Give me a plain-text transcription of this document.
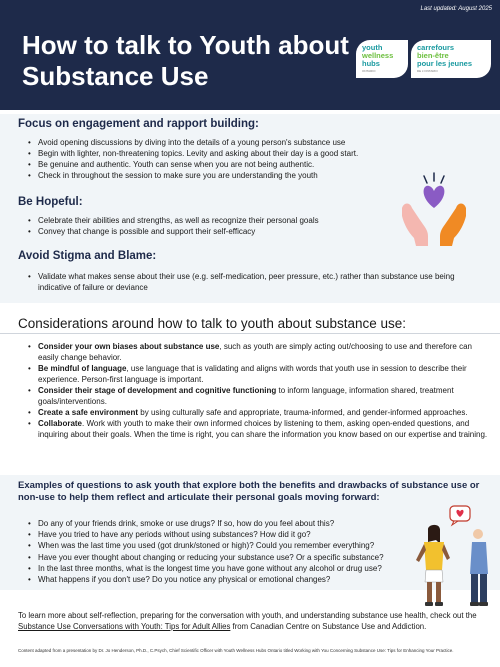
Last updated: August 2025
How to talk to Youth about Substance Use
youth
wellness
hubs
ONTARIO
carrefours
bien-être
pour les jeunes
DE L'ONTARIO
Focus on engagement and rapport building:
• Avoid opening discussions by diving into the details of a young person's substance use
• Begin with lighter, non-threatening topics. Levity and asking about their day is a good start.
• Be genuine and authentic. Youth can sense when you are not being authentic.
• Check in throughout the session to make sure you are understanding the youth
Be Hopeful:
• Celebrate their abilities and strengths, as well as recognize their personal goals
• Convey that change is possible and support their self-efficacy
Avoid Stigma and Blame:
• Validate what makes sense about their use (e.g. self-medication, peer pressure, etc.) rather than substance use being indicative of failure or deviance
Considerations around how to talk to youth about substance use:
• Consider your own biases about substance use, such as youth are simply acting out/choosing to use and therefore can easily change behavior.
• Be mindful of language, use language that is validating and aligns with words that youth use in session to describe their experience. Person-first language is important.
• Consider their stage of development and cognitive functioning to inform language, information shared, treatment goals/interventions.
• Create a safe environment by using culturally safe and appropriate, trauma-informed, and gender-informed approaches.
• Collaborate. Work with youth to make their own informed choices by listening to them, asking open-ended questions, and inquiring about their goals. When the time is right, you can share the information you know based on our expertise and training.
Examples of questions to ask youth that explore both the benefits and drawbacks of substance use or non-use to help them reflect and articulate their personal goals moving forward:
• Do any of your friends drink, smoke or use drugs? If so, how do you feel about this?
• Have you tried to have any periods without using substances? How did it go?
• When was the last time you used (got drunk/stoned or high)? Could you remember everything?
• Have you ever thought about changing or reducing your substance use? Or a specific substance?
• In the last three months, what is the longest time you have gone without any alcohol or drug use?
• What happens if you don't use? Do you notice any physical or emotional changes?
To learn more about self-reflection, preparing for the conversation with youth, and understanding substance use health, check out the Substance Use Conversations with Youth: Tips for Adult Allies from Canadian Centre on Substance Use and Addiction.
Content adapted from a presentation by Dr. Jo Henderson, Ph.D., C.Psych, Chief Scientific Officer with Youth Wellness Hubs Ontario titled Working with You Concerning Substance Use: Tips for Enhancing Your Practice.
